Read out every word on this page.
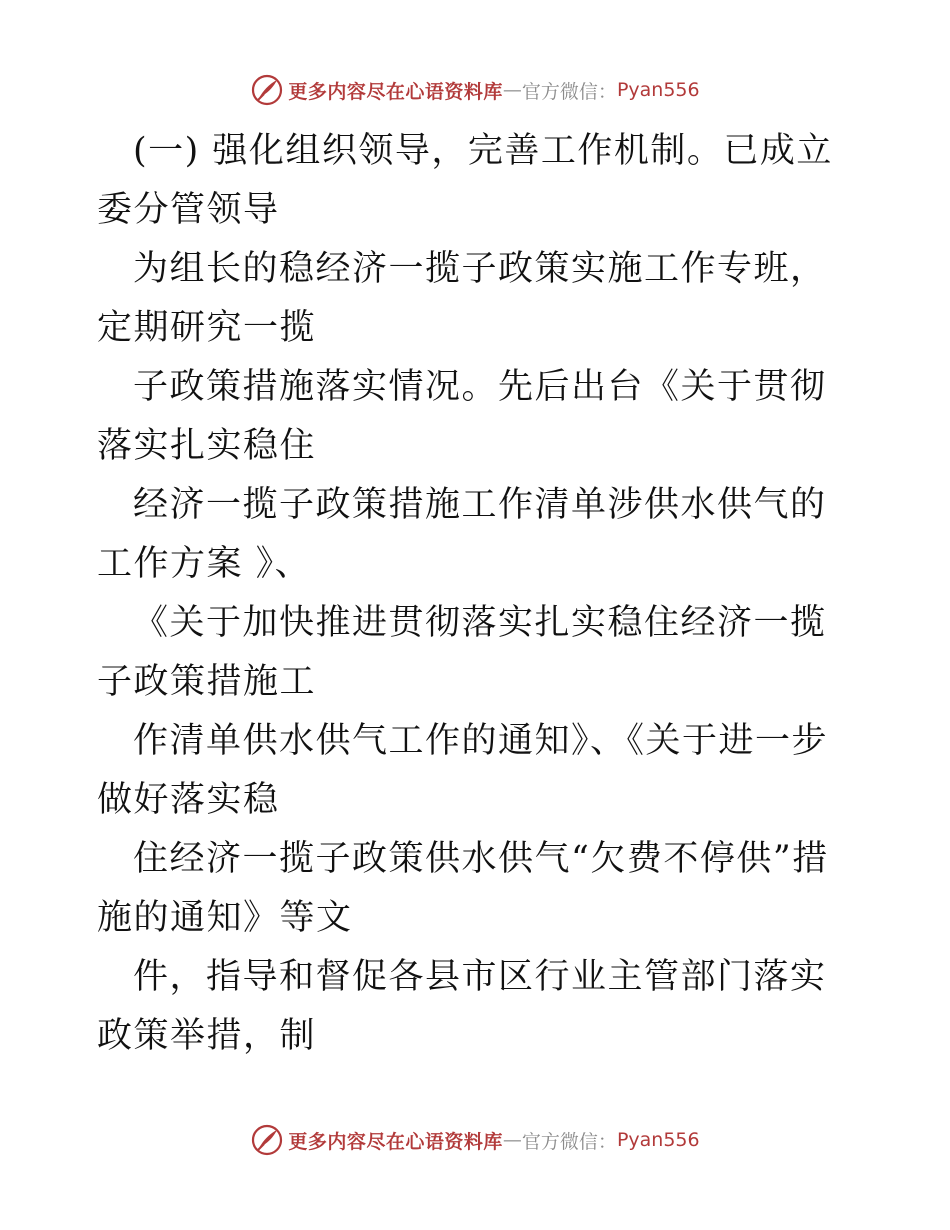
更多内容尽在心语资料库 — 官方微信： Pyan556

(一) 强化组织领导，完善工作机制。已成立委分管领导

为组长的稳经济一揽子政策实施工作专班，定期研究一揽

子政策措施落实情况。先后出台《关于贯彻落实扎实稳住

经济一揽子政策措施工作清单涉供水供气的工作方案 》、

《关于加快推进贯彻落实扎实稳住经济一揽子政策措施工

作清单供水供气工作的通知》、《关于进一步做好落实稳

住经济一揽子政策供水供气“欠费不停供”措施的通知》等文

件，指导和督促各县市区行业主管部门落实政策举措，制

更多内容尽在心语资料库 — 官方微信： Pyan556
